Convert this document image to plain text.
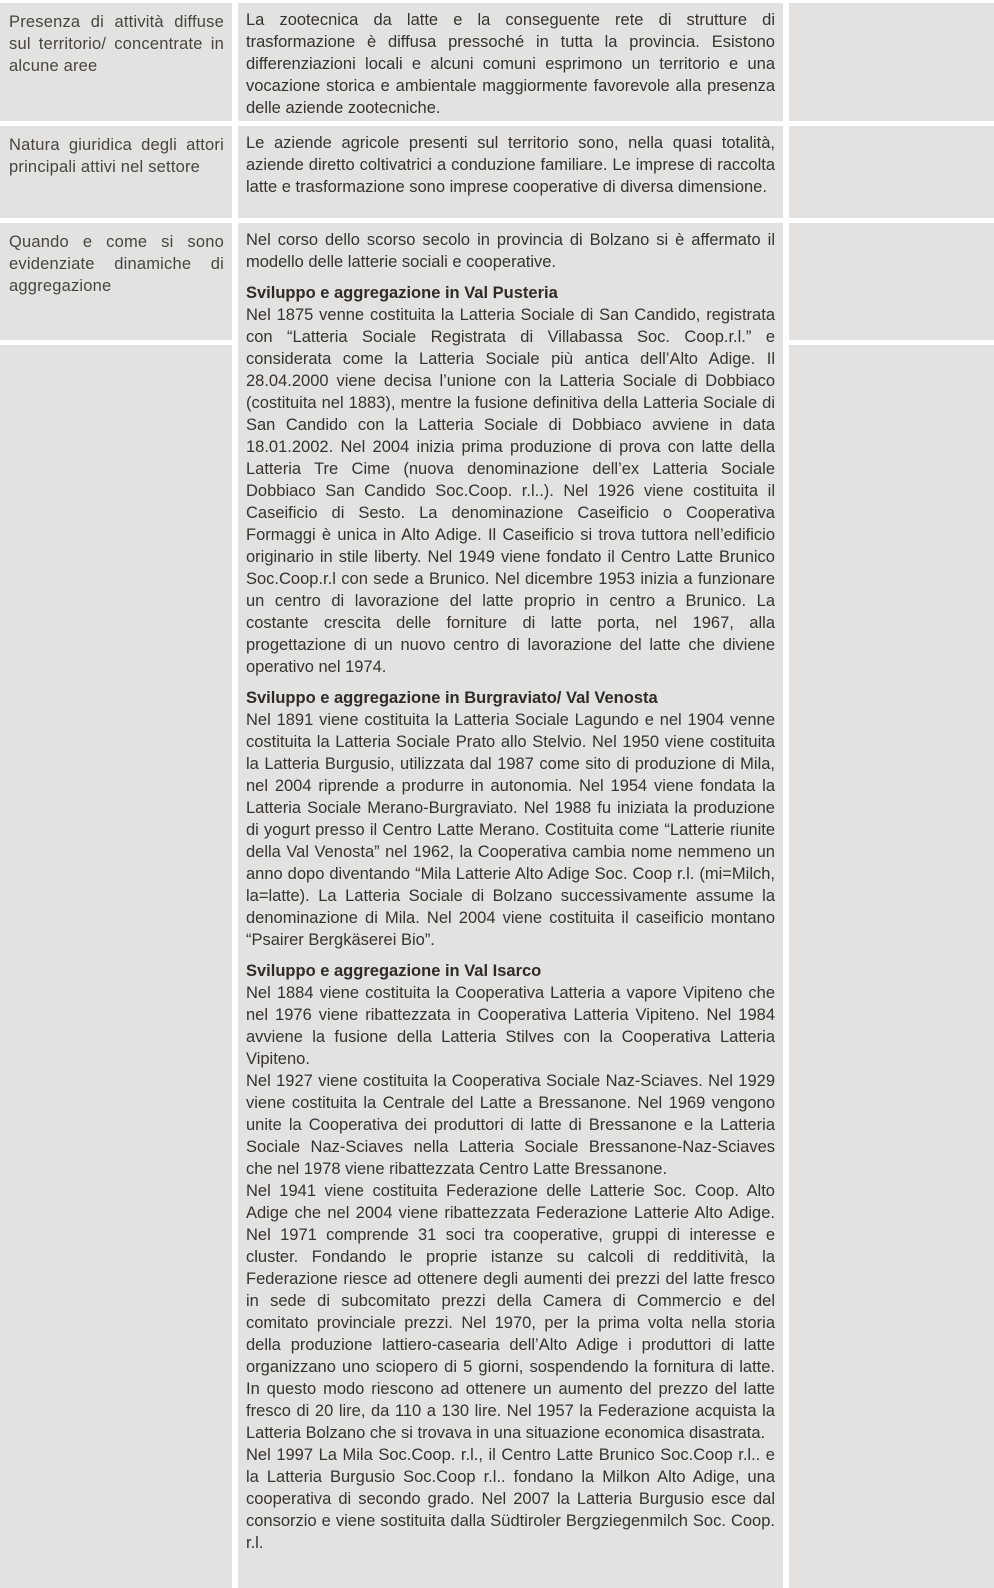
Presenza di attività diffuse sul territorio/ concentrate in alcune aree

La zootecnica da latte e la conseguente rete di strutture di trasformazione è diffusa pressoché in tutta la provincia. Esistono differenziazioni locali e alcuni comuni esprimono un territorio e una vocazione storica e ambientale maggiormente favorevole alla presenza delle aziende zootecniche.

Natura giuridica degli attori principali attivi nel settore

Le aziende agricole presenti sul territorio sono, nella quasi totalità, aziende diretto coltivatrici a conduzione familiare. Le imprese di raccolta latte e trasformazione sono imprese cooperative di diversa dimensione.

Quando e come si sono evidenziate dinamiche di aggregazione

Nel corso dello scorso secolo in provincia di Bolzano si è affermato il modello delle latterie sociali e cooperative.

Sviluppo e aggregazione in Val Pusteria

Nel 1875 venne costituita la Latteria Sociale di San Candido, registrata con “Latteria Sociale Registrata di Villabassa Soc. Coop.r.l.” e considerata come la Latteria Sociale più antica dell’Alto Adige. Il 28.04.2000 viene decisa l’unione con la Latteria Sociale di Dobbiaco (costituita nel 1883), mentre la fusione definitiva della Latteria Sociale di San Candido con la Latteria Sociale di Dobbiaco avviene in data 18.01.2002. Nel 2004 inizia prima produzione di prova con latte della Latteria Tre Cime (nuova denominazione dell’ex Latteria Sociale Dobbiaco San Candido Soc.Coop. r.l..). Nel 1926 viene costituita il Caseificio di Sesto. La denominazione Caseificio o Cooperativa Formaggi è unica in Alto Adige. Il Caseificio si trova tuttora nell’edificio originario in stile liberty. Nel 1949 viene fondato il Centro Latte Brunico Soc.Coop.r.l con sede a Brunico. Nel dicembre 1953 inizia a funzionare un centro di lavorazione del latte proprio in centro a Brunico. La costante crescita delle forniture di latte porta, nel 1967, alla progettazione di un nuovo centro di lavorazione del latte che diviene operativo nel 1974.

Sviluppo e aggregazione in Burgraviato/ Val Venosta

Nel 1891 viene costituita la Latteria Sociale Lagundo e nel 1904 venne costituita la Latteria Sociale Prato allo Stelvio. Nel 1950 viene costituita la Latteria Burgusio, utilizzata dal 1987 come sito di produzione di Mila, nel 2004 riprende a produrre in autonomia. Nel 1954 viene fondata la Latteria Sociale Merano-Burgraviato. Nel 1988 fu iniziata la produzione di yogurt presso il Centro Latte Merano. Costituita come “Latterie riunite della Val Venosta” nel 1962, la Cooperativa cambia nome nemmeno un anno dopo diventando “Mila Latterie Alto Adige Soc. Coop r.l. (mi=Milch, la=latte). La Latteria Sociale di Bolzano successivamente assume la denominazione di Mila. Nel 2004 viene costituita il caseificio montano “Psairer Bergkäserei Bio”.

Sviluppo e aggregazione in Val Isarco

Nel 1884 viene costituita la Cooperativa Latteria a vapore Vipiteno che nel 1976 viene ribattezzata in Cooperativa Latteria Vipiteno. Nel 1984 avviene la fusione della Latteria Stilves con la Cooperativa Latteria Vipiteno.

Nel 1927 viene costituita la Cooperativa Sociale Naz-Sciaves. Nel 1929 viene costituita la Centrale del Latte a Bressanone. Nel 1969 vengono unite la Cooperativa dei produttori di latte di Bressanone e la Latteria Sociale Naz-Sciaves nella Latteria Sociale Bressanone-Naz-Sciaves che nel 1978 viene ribattezzata Centro Latte Bressanone.

Nel 1941 viene costituita Federazione delle Latterie Soc. Coop. Alto Adige che nel 2004 viene ribattezzata Federazione Latterie Alto Adige. Nel 1971 comprende 31 soci tra cooperative, gruppi di interesse e cluster. Fondando le proprie istanze su calcoli di redditività, la Federazione riesce ad ottenere degli aumenti dei prezzi del latte fresco in sede di subcomitato prezzi della Camera di Commercio e del comitato provinciale prezzi. Nel 1970, per la prima volta nella storia della produzione lattiero-casearia dell’Alto Adige i produttori di latte organizzano uno sciopero di 5 giorni, sospendendo la fornitura di latte. In questo modo riescono ad ottenere un aumento del prezzo del latte fresco di 20 lire, da 110 a 130 lire. Nel 1957 la Federazione acquista la Latteria Bolzano che si trovava in una situazione economica disastrata.

Nel 1997 La Mila Soc.Coop. r.l., il Centro Latte Brunico Soc.Coop r.l.. e la Latteria Burgusio Soc.Coop r.l.. fondano la Milkon Alto Adige, una cooperativa di secondo grado. Nel 2007 la Latteria Burgusio esce dal consorzio e viene sostituita dalla Südtiroler Bergziegenmilch Soc. Coop. r.l.
